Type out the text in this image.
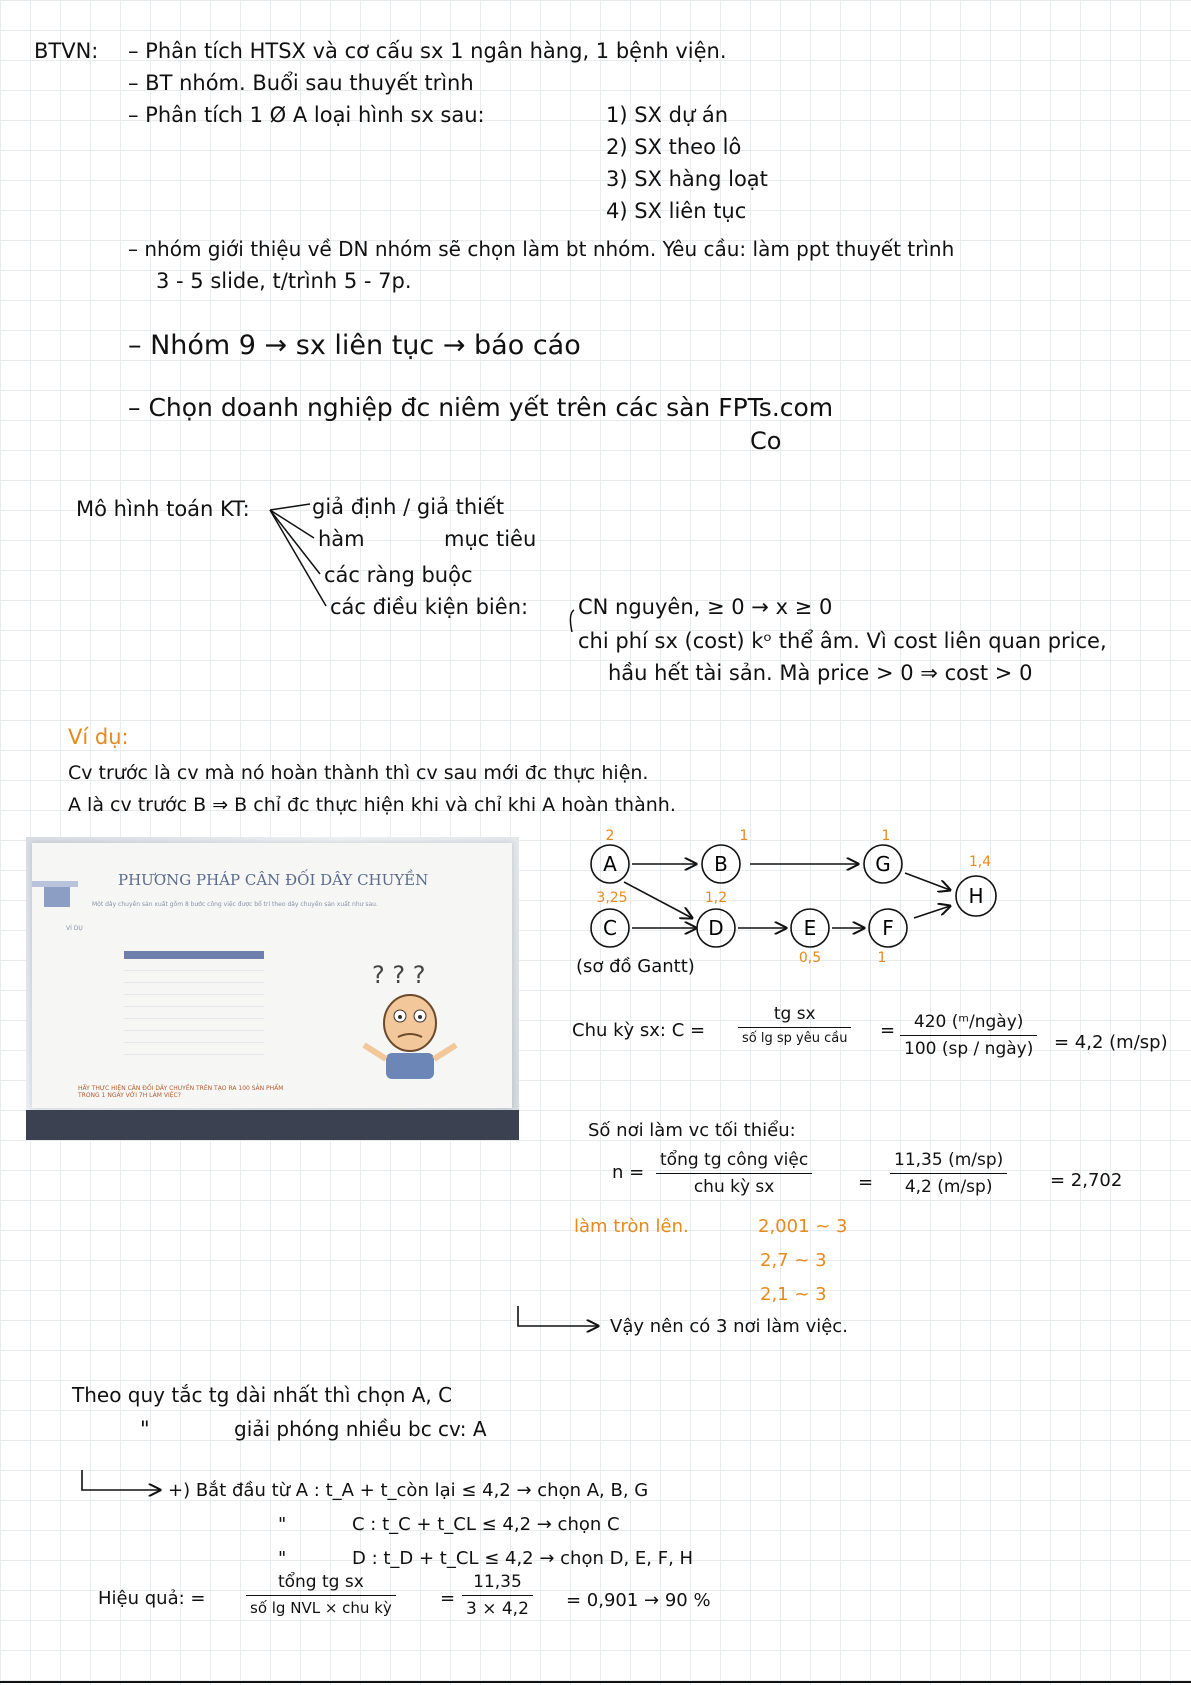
BTVN: – Phân tích HTSX và cơ cấu sx 1 ngân hàng, 1 bệnh viện.
– BT nhóm. Buổi sau thuyết trình
– Phân tích 1 Ø A loại hình sx sau:	1) SX dự án
2) SX theo lô
3) SX hàng loạt
4) SX liên tục
– nhóm giới thiệu về DN nhóm sẽ chọn làm bt nhóm. Yêu cầu: làm ppt thuyết trình
3 - 5 slide, t/trình 5 - 7p.
– Nhóm 9 → sx liên tục → báo cáo
– Chọn doanh nghiệp đc niêm yết trên các sàn FPTs.com
Co
Mô hình toán KT:	giả định / giả thiết
hàm	mục tiêu
các ràng buộc
các điều kiện biên: CN nguyên, ≥ 0 → x ≥ 0
chi phí sx (cost) kᵒ thể âm. Vì cost liên quan price,
hầu hết tài sản. Mà price > 0 ⇒ cost > 0
Ví dụ:
Cv trước là cv mà nó hoàn thành thì cv sau mới đc thực hiện.
A là cv trước B ⇒ B chỉ đc thực hiện khi và chỉ khi A hoàn thành.
PHƯƠNG PHÁP CÂN ĐỐI DÂY CHUYỀN
Một dây chuyền sản xuất gồm 8 bước công việc được bố trí theo dây chuyền sản xuất như sau.
VÍ DỤ
? ? ?
HÃY THỰC HIỆN CÂN ĐỐI DÂY CHUYỀN TRÊN TẠO RA 100 SẢN PHẨM TRONG 1 NGÀY VỚI 7H LÀM VIỆC?
A
2
B
1
G
1
H
1,4
C
3,25
D
1,2
E
0,5
F
1
(sơ đồ Gantt)
Chu kỳ sx: C =
tg sx
số lg sp yêu cầu =	420 (ᵐ/ngày)
100 (sp / ngày) = 4,2 (m/sp)
Số nơi làm vc tối thiểu:
n =
tổng tg công việc
chu kỳ sx	= $\frac{11,35 (m/sp)}{4,2 (m/sp)} = 2,702$
làm tròn lên.	2,001 ~ 3
2,7 ~ 3
2,1 ~ 3
Vậy nên có 3 nơi làm việc.
Theo quy tắc tg dài nhất thì chọn A, C
"	giải phóng nhiều bc cv: A
+) Bắt đầu từ A : t_A + t_còn lại ≤ 4,2 → chọn A, B, G
"	C : t_C + t_CL ≤ 4,2 → chọn C
"	D : t_D + t_CL ≤ 4,2 → chọn D, E, F, H
Hiệu quả: =
tổng tg sx
số lg NVL × chu kỳ	= $\frac{11,35}{3 \times 4,2} = 0,901 \to 90$ %
